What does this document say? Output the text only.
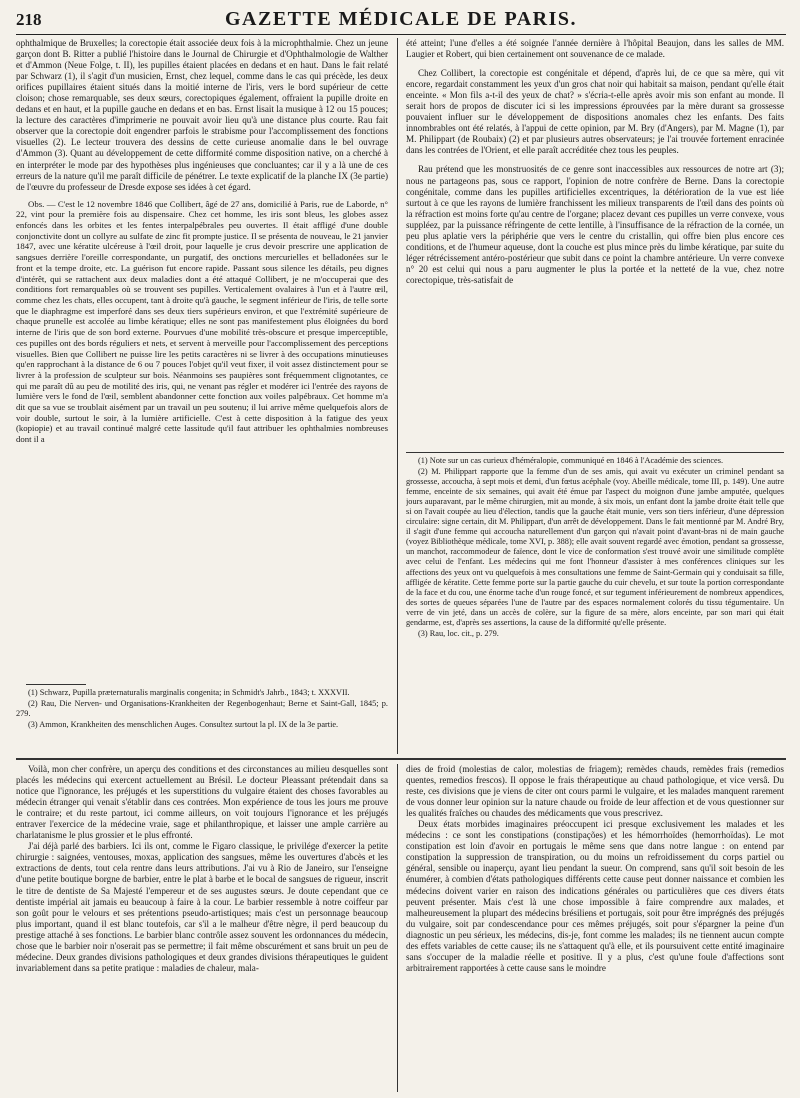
218	GAZETTE MÉDICALE DE PARIS.

ophthalmique de Bruxelles; la corectopie était associée deux fois à la microphthalmie. Chez un jeune garçon dont B. Ritter a publié l'histoire dans le Journal de Chirurgie et d'Ophthalmologie de Walther et d'Ammon (Neue Folge, t. II), les pupilles étaient placées en dedans et en haut. Dans le fait relaté par Schwarz (1), il s'agit d'un musicien, Ernst, chez lequel, comme dans le cas qui précède, les deux orifices pupillaires étaient situés dans la moitié interne de l'iris, vers le bord supérieur de cette cloison; chose remarquable, ses deux sœurs, corectopiques également, offraient la pupille droite en dedans et en haut, et la pupille gauche en dedans et en bas. Ernst lisait la musique à 12 ou 15 pouces; la lecture des caractères d'imprimerie ne pouvait avoir lieu qu'à une distance plus courte. Rau fait observer que la corectopie doit engendrer parfois le strabisme pour l'accomplissement des fonctions visuelles (2). Le lecteur trouvera des dessins de cette curieuse anomalie dans le bel ouvrage d'Ammon (3). Quant au développement de cette difformité comme disposition native, on a cherché à en interpréter le mode par des hypothèses plus ingénieuses que concluantes; car il y a là une de ces erreurs de la nature qu'il me paraît difficile de pénétrer. Le texte explicatif de la planche IX (3e partie) de l'œuvre du professeur de Dresde expose ses idées à cet égard.

Obs. — C'est le 12 novembre 1846 que Collibert, âgé de 27 ans, domicilié à Paris, rue de Laborde, n° 22, vint pour la première fois au dispensaire. Chez cet homme, les iris sont bleus, les globes assez enfoncés dans les orbites et les fentes interpalpébrales peu ouvertes. Il était affligé d'une double conjonctivite dont un collyre au sulfate de zinc fit prompte justice. Il se présenta de nouveau, le 21 janvier 1847, avec une kératite ulcéreuse à l'œil droit, pour laquelle je crus devoir prescrire une application de sangsues derrière l'oreille correspondante, un purgatif, des onctions mercurielles et belladonées sur le front et la tempe droite, etc. La guérison fut encore rapide. Passant sous silence les détails, peu dignes d'intérêt, qui se rattachent aux deux maladies dont a été attaqué Collibert, je ne m'occuperai que des conditions fort remarquables où se trouvent ses pupilles. Verticalement ovalaires à l'un et à l'autre œil, comme chez les chats, elles occupent, tant à droite qu'à gauche, le segment inférieur de l'iris, de telle sorte que le diaphragme est imperforé dans ses deux tiers supérieurs environ, et que l'extrémité supérieure de chaque prunelle est accolée au limbe kératique; elles ne sont pas manifestement plus éloignées du bord interne de l'iris que de son bord externe. Pourvues d'une mobilité très-obscure et presque imperceptible, ces pupilles ont des bords réguliers et nets, et servent à merveille pour l'accomplissement des perceptions visuelles. Bien que Collibert ne puisse lire les petits caractères ni se livrer à des occupations minutieuses qu'en rapprochant à la distance de 6 ou 7 pouces l'objet qu'il veut fixer, il voit assez distinctement pour se livrer à la profession de sculpteur sur bois. Néanmoins ses paupières sont fréquemment clignotantes, ce qui me paraît dû au peu de motilité des iris, qui, ne venant pas régler et modérer ici l'entrée des rayons de lumière vers le fond de l'œil, semblent abandonner cette fonction aux voiles palpébraux. Cet homme m'a dit que sa vue se troublait aisément par un travail un peu soutenu; il lui arrive même quelquefois alors de voir double, surtout le soir, à la lumière artificielle. C'est à cette disposition à la fatigue des yeux (kopiopie) et au travail continué malgré cette lassitude qu'il faut attribuer les ophthalmies nombreuses dont il a

(1) Schwarz, Pupilla præternaturalis marginalis congenita; in Schmidt's Jahrb., 1843; t. XXXVII.

(2) Rau, Die Nerven- und Organisations-Krankheiten der Regenbogenhaut; Berne et Saint-Gall, 1845; p. 279.

(3) Ammon, Krankheiten des menschlichen Auges. Consultez surtout la pl. IX de la 3e partie.

été atteint; l'une d'elles a été soignée l'année dernière à l'hôpital Beaujon, dans les salles de MM. Laugier et Robert, qui bien certainement ont souvenance de ce malade.

Chez Collibert, la corectopie est congénitale et dépend, d'après lui, de ce que sa mère, qui vit encore, regardait constamment les yeux d'un gros chat noir qui habitait sa maison, pendant qu'elle était enceinte. « Mon fils a-t-il des yeux de chat? » s'écria-t-elle après avoir mis son enfant au monde. Il serait hors de propos de discuter ici si les impressions éprouvées par la mère durant sa grossesse pouvaient influer sur le développement de dispositions anomales chez les enfants. Des faits innombrables ont été relatés, à l'appui de cette opinion, par M. Bry (d'Angers), par M. Magne (1), par M. Philippart (de Roubaix) (2) et par plusieurs autres observateurs; je l'ai trouvée fortement enracinée dans les contrées de l'Orient, et elle paraît accréditée chez tous les peuples.

Rau prétend que les monstruosités de ce genre sont inaccessibles aux ressources de notre art (3); nous ne partageons pas, sous ce rapport, l'opinion de notre confrère de Berne. Dans la corectopie congénitale, comme dans les pupilles artificielles excentriques, la détérioration de la vue est liée surtout à ce que les rayons de lumière franchissent les milieux transparents de l'œil dans des points où la réfraction est moins forte qu'au centre de l'organe; placez devant ces pupilles un verre convexe, vous suppléez, par la puissance réfringente de cette lentille, à l'insuffisance de la réfraction de la cornée, un peu plus aplatie vers la périphérie que vers le centre du cristallin, qui offre bien plus encore ces conditions, et de l'humeur aqueuse, dont la couche est plus mince près du limbe kératique, par suite du léger rétrécissement antéro-postérieur que subit dans ce point la chambre antérieure. Un verre convexe n° 20 est celui qui nous a paru augmenter le plus la portée et la netteté de la vue, chez notre corectopique, très-satisfait de

(1) Note sur un cas curieux d'héméralopie, communiqué en 1846 à l'Académie des sciences.

(2) M. Philippart rapporte que la femme d'un de ses amis, qui avait vu exécuter un criminel pendant sa grossesse, accoucha, à sept mois et demi, d'un fœtus acéphale (voy. Abeille médicale, tome III, p. 149). Une autre femme, enceinte de six semaines, qui avait été émue par l'aspect du moignon d'une jambe amputée, quelques jours auparavant, par le même chirurgien, mit au monde, à six mois, un enfant dont la jambe droite était telle que si on l'avait coupée au lieu d'élection, tandis que la gauche était munie, vers son tiers inférieur, d'une dépression circulaire: signe certain, dit M. Philippart, d'un arrêt de développement. Dans le fait mentionné par M. André Bry, il s'agit d'une femme qui accoucha naturellement d'un garçon qui n'avait point d'avant-bras ni de main gauche (voyez Bibliothèque médicale, tome XVI, p. 388); elle avait souvent regardé avec émotion, pendant sa grossesse, un manchot, raccommodeur de faïence, dont le vice de conformation s'est trouvé avoir une similitude complète avec celui de l'enfant. Les médecins qui me font l'honneur d'assister à mes conférences cliniques sur les affections des yeux ont vu quelquefois à mes consultations une femme de Saint-Germain qui y conduisait sa fille, affligée de kératite. Cette femme porte sur la partie gauche du cuir chevelu, et sur toute la portion correspondante de la face et du cou, une énorme tache d'un rouge foncé, et sur tegument inférieurement de nombreux appendices, des sortes de queues séparées l'une de l'autre par des espaces normalement colorés du tissu tégumentaire. Un verre de vin jeté, dans un accès de colère, sur la figure de sa mère, alors enceinte, par son mari qui était gendarme, est, d'après ses assertions, la cause de la difformité qu'elle présente.

(3) Rau, loc. cit., p. 279.

Voilà, mon cher confrère, un aperçu des conditions et des circonstances au milieu desquelles sont placés les médecins qui exercent actuellement au Brésil. Le docteur Pleassant prétendait dans sa notice que l'ignorance, les préjugés et les superstitions du vulgaire étaient des choses favorables au médecin étranger qui venait s'établir dans ces contrées. Mon expérience de tous les jours me prouve le contraire; et du reste partout, ici comme ailleurs, on voit toujours l'ignorance et les préjugés entraver l'exercice de la médecine vraie, sage et philanthropique, et laisser une ample carrière au charlatanisme le plus grossier et le plus effronté.

J'ai déjà parlé des barbiers. Ici ils ont, comme le Figaro classique, le privilége d'exercer la petite chirurgie : saignées, ventouses, moxas, application des sangsues, même les ouvertures d'abcès et les extractions de dents, tout cela rentre dans leurs attributions. J'ai vu à Rio de Janeiro, sur l'enseigne d'une petite boutique borgne de barbier, entre le plat à barbe et le bocal de sangsues de rigueur, inscrit le titre de dentiste de Sa Majesté l'empereur et de ses augustes sœurs. Je doute cependant que ce dentiste impérial ait jamais eu beaucoup à faire à la cour. Le barbier ressemble à notre coiffeur par son goût pour le velours et ses prétentions pseudo-artistiques; mais c'est un personnage beaucoup plus important, quand il est blanc toutefois, car s'il a le malheur d'être nègre, il perd beaucoup du prestige attaché à ses fonctions. Le barbier blanc contrôle assez souvent les ordonnances du médecin, chose que le barbier noir n'oserait pas se permettre; il fait même obscurément et sans bruit un peu de médecine. Deux grandes divisions pathologiques et deux grandes divisions thérapeutiques le guident invariablement dans sa petite pratique : maladies de chaleur, mala-

dies de froid (molestias de calor, molestias de friagem); remèdes chauds, remèdes frais (remedios quentes, remedios frescos). Il oppose le frais thérapeutique au chaud pathologique, et vice versâ. Du reste, ces divisions que je viens de citer ont cours parmi le vulgaire, et les malades manquent rarement de vous donner leur opinion sur la nature chaude ou froide de leur affection et de vous questionner sur les qualités fraîches ou chaudes des médicaments que vous prescrivez.

Deux états morbides imaginaires préoccupent ici presque exclusivement les malades et les médecins : ce sont les constipations (constipações) et les hémorrhoïdes (hemorrhoïdas). Le mot constipation est loin d'avoir en portugais le même sens que dans notre langue : on entend par constipation la suppression de transpiration, ou du moins un refroidissement du corps partiel ou général, sensible ou inaperçu, ayant lieu pendant la sueur. On comprend, sans qu'il soit besoin de les énumérer, à combien d'états pathologiques différents cette cause peut donner naissance et combien les médecins doivent varier en raison des indications générales ou particulières que ces divers états peuvent présenter. Mais c'est là une chose impossible à faire comprendre aux malades, et malheureusement la plupart des médecins brésiliens et portugais, soit pour être imprégnés des préjugés du vulgaire, soit par condescendance pour ces mêmes préjugés, soit pour s'épargner la peine d'un diagnostic un peu sérieux, les médecins, dis-je, font comme les malades; ils ne tiennent aucun compte des effets variables de cette cause; ils ne s'attaquent qu'à elle, et ils poursuivent cette entité imaginaire sans s'occuper de la maladie réelle et positive. Il y a plus, c'est qu'une foule d'affections sont arbitrairement rapportées à cette cause sans le moindre
